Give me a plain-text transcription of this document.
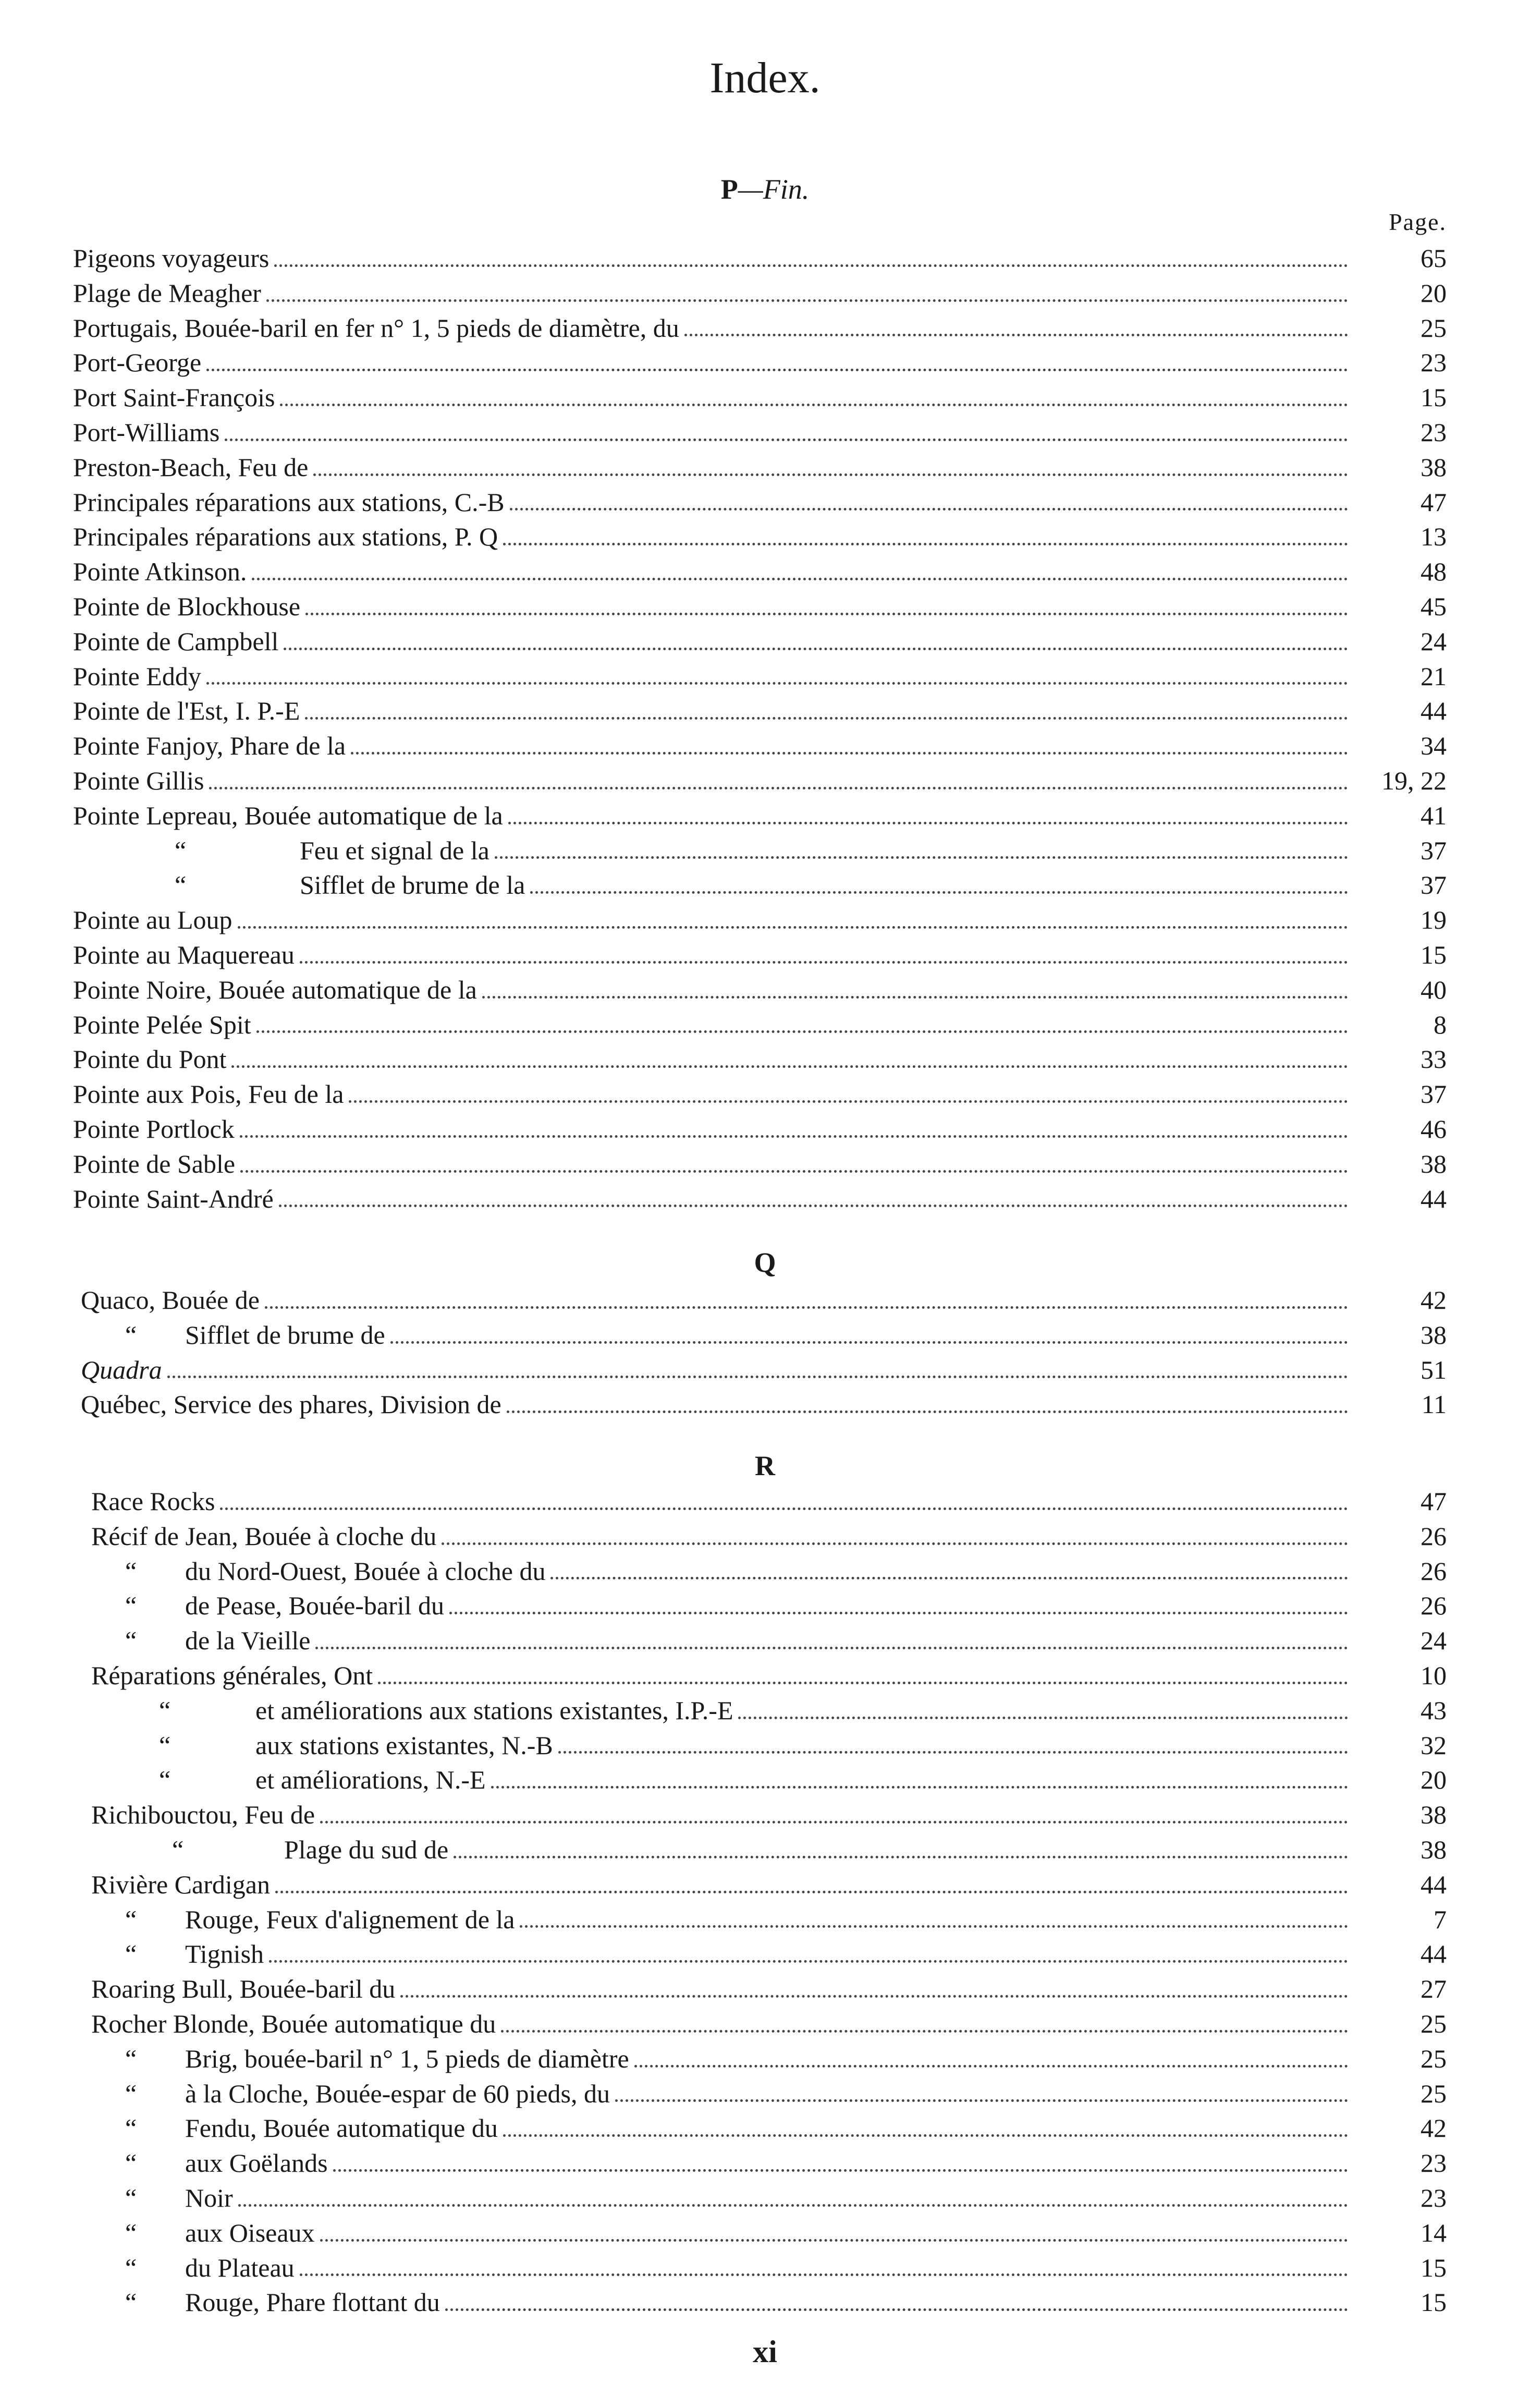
Index.
P—Fin.
Page.
Pigeons voyageurs	65
Plage de Meagher	20
Portugais, Bouée-baril en fer n° 1, 5 pieds de diamètre, du	25
Port-George	23
Port Saint-François	15
Port-Williams	23
Preston-Beach, Feu de	38
Principales réparations aux stations, C.-B	47
Principales réparations aux stations, P. Q	13
Pointe Atkinson.	48
Pointe de Blockhouse	45
Pointe de Campbell	24
Pointe Eddy	21
Pointe de l'Est, I. P.-E	44
Pointe Fanjoy, Phare de la	34
Pointe Gillis	19, 22
Pointe Lepreau, Bouée automatique de la	41
“	Feu et signal de la	37
“	Sifflet de brume de la	37
Pointe au Loup	19
Pointe au Maquereau	15
Pointe Noire, Bouée automatique de la	40
Pointe Pelée Spit	8
Pointe du Pont	33
Pointe aux Pois, Feu de la	37
Pointe Portlock	46
Pointe de Sable	38
Pointe Saint-André	44
Q
Quaco, Bouée de	42
“	Sifflet de brume de	38
Quadra	51
Québec, Service des phares, Division de	11
R
Race Rocks	47
Récif de Jean, Bouée à cloche du	26
“	du Nord-Ouest, Bouée à cloche du	26
“	de Pease, Bouée-baril du	26
“	de la Vieille	24
Réparations générales, Ont	10
“	et améliorations aux stations existantes, I.P.-E	43
“	aux stations existantes, N.-B	32
“	et améliorations, N.-E	20
Richibouctou, Feu de	38
“	Plage du sud de	38
Rivière Cardigan	44
“	Rouge, Feux d'alignement de la	7
“	Tignish	44
Roaring Bull, Bouée-baril du	27
Rocher Blonde, Bouée automatique du	25
“	Brig, bouée-baril n° 1, 5 pieds de diamètre	25
“	à la Cloche, Bouée-espar de 60 pieds, du	25
“	Fendu, Bouée automatique du	42
“	aux Goëlands	23
“	Noir	23
“	aux Oiseaux	14
“	du Plateau	15
“	Rouge, Phare flottant du	15
xi
